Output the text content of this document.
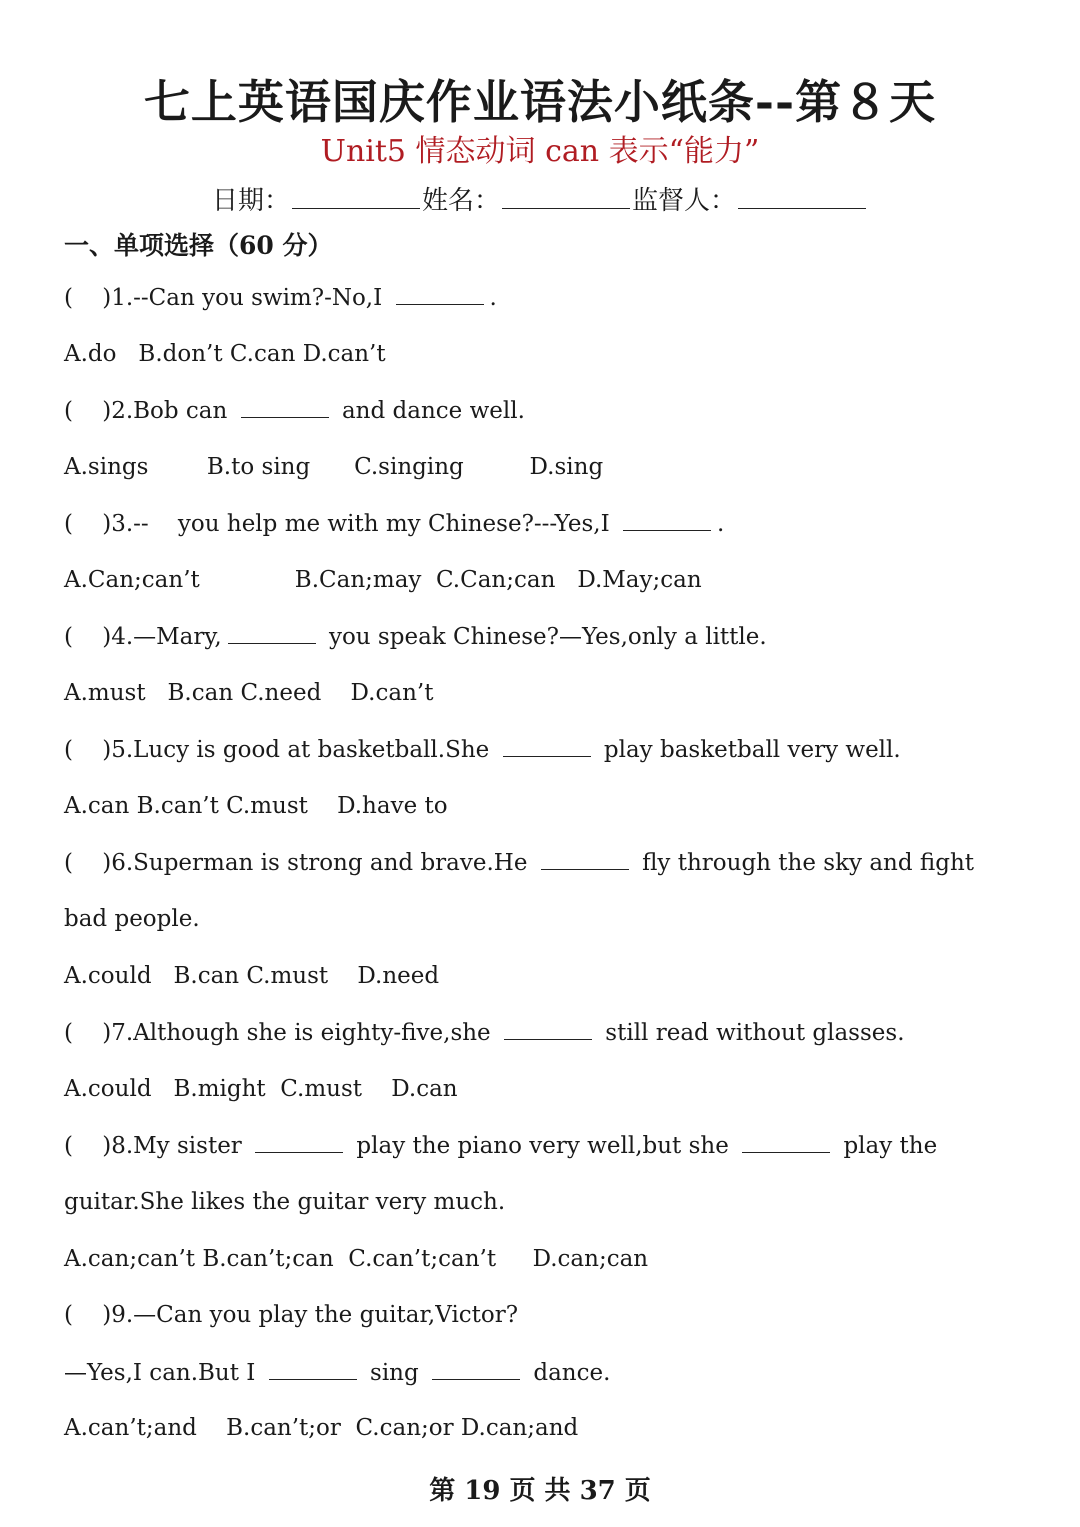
七上英语国庆作业语法小纸条--第８天
Unit5 情态动词 can 表示“能力”
日期：	姓名：	监督人：
一、单项选择（60 分）
(    )1.--Can you swim?-No,I	.
A.do   B.don’t C.can D.can’t
(    )2.Bob can	and dance well.
A.sings        B.to sing      C.singing         D.sing
(    )3.--    you help me with my Chinese?---Yes,I	.
A.Can;can’t             B.Can;may  C.Can;can   D.May;can
(    )4.—Mary,	you speak Chinese?—Yes,only a little.
A.must   B.can C.need    D.can’t
(    )5.Lucy is good at basketball.She	play basketball very well.
A.can B.can’t C.must    D.have to
(    )6.Superman is strong and brave.He	fly through the sky and fight
bad people.
A.could   B.can C.must    D.need
(    )7.Although she is eighty-five,she	still read without glasses.
A.could   B.might  C.must    D.can
(    )8.My sister	play the piano very well,but she	play the
guitar.She likes the guitar very much.
A.can;can’t B.can’t;can  C.can’t;can’t     D.can;can
(    )9.—Can you play the guitar,Victor?
—Yes,I can.But I	sing	dance.
A.can’t;and    B.can’t;or  C.can;or D.can;and
第 19 页 共 37 页
